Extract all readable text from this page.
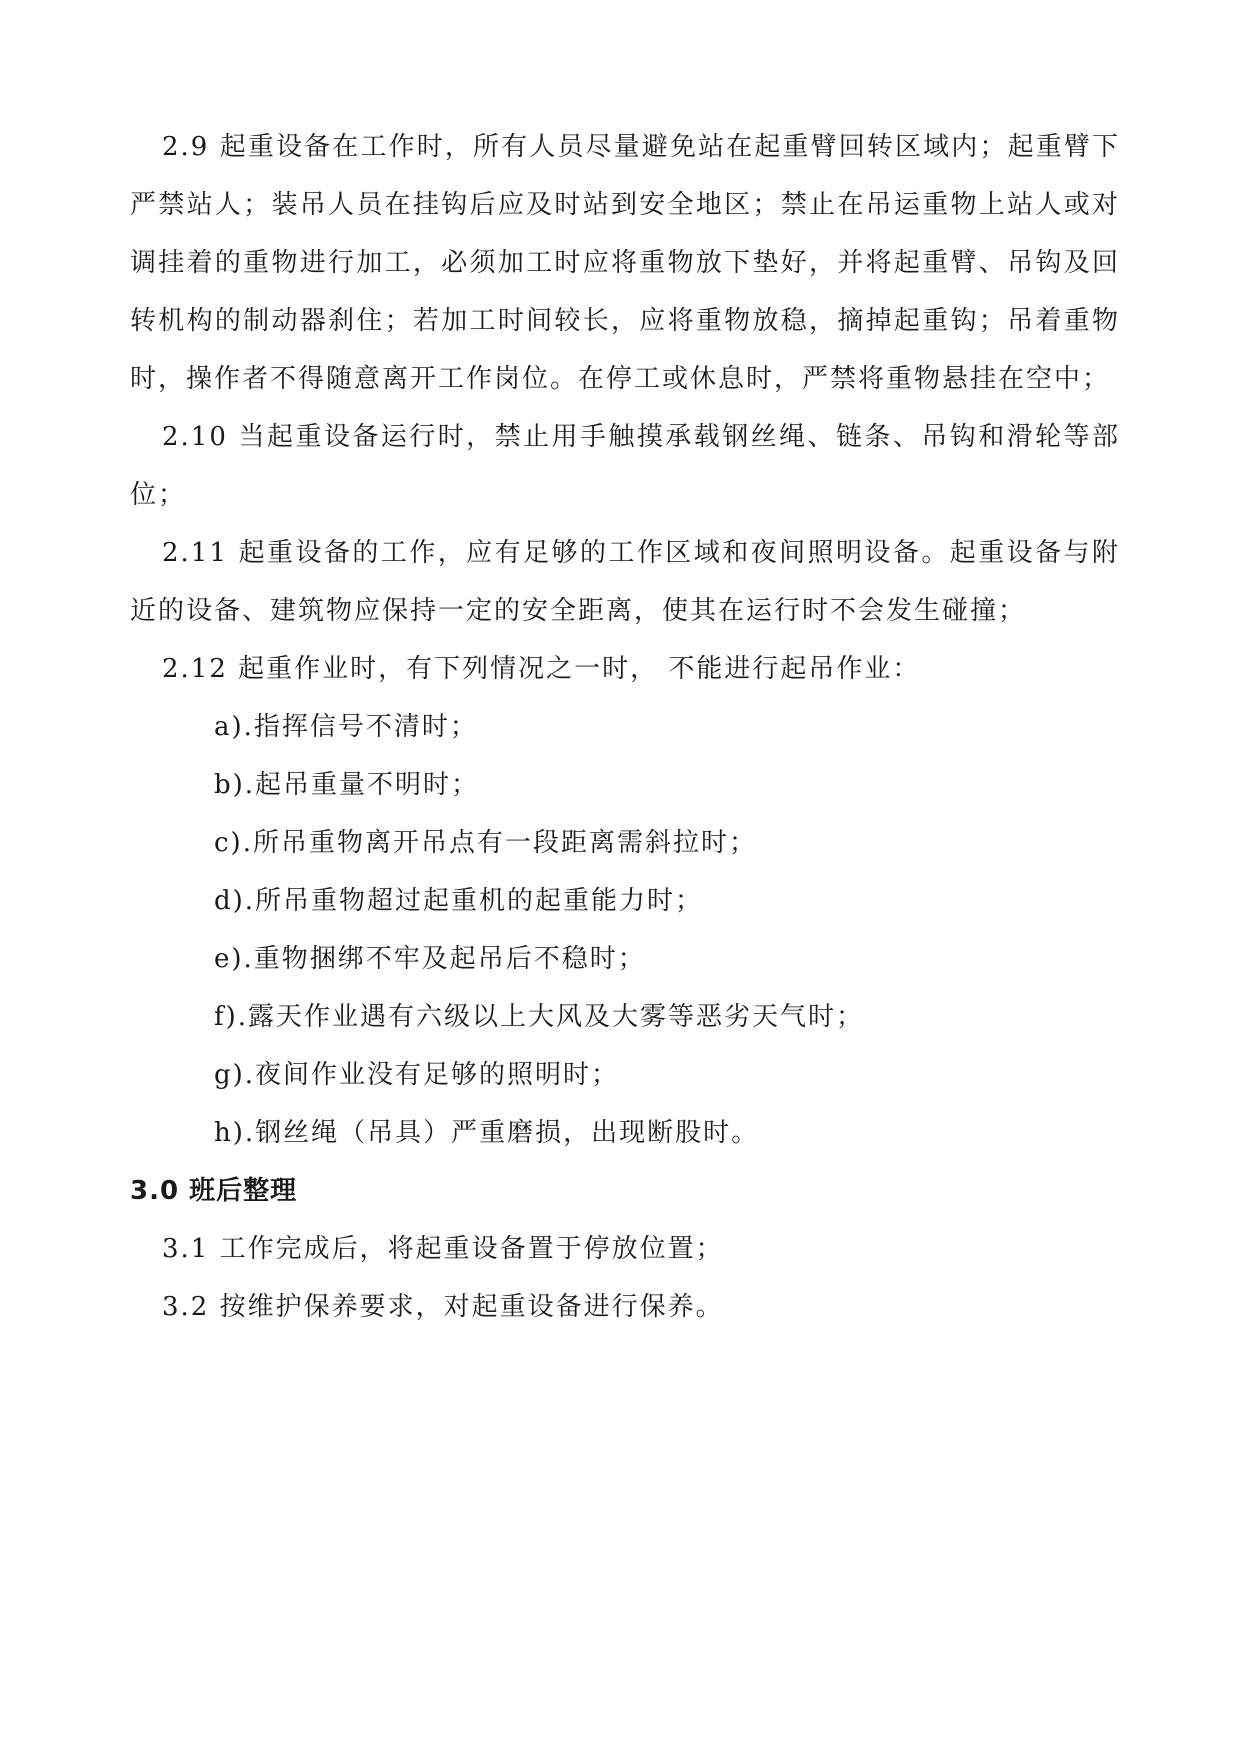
2.9 起重设备在工作时，所有人员尽量避免站在起重臂回转区域内；起重臂下严禁站人；装吊人员在挂钩后应及时站到安全地区；禁止在吊运重物上站人或对调挂着的重物进行加工，必须加工时应将重物放下垫好，并将起重臂、吊钩及回转机构的制动器刹住；若加工时间较长，应将重物放稳，摘掉起重钩；吊着重物时，操作者不得随意离开工作岗位。在停工或休息时，严禁将重物悬挂在空中；

2.10 当起重设备运行时，禁止用手触摸承载钢丝绳、链条、吊钩和滑轮等部位；

2.11 起重设备的工作，应有足够的工作区域和夜间照明设备。起重设备与附近的设备、建筑物应保持一定的安全距离，使其在运行时不会发生碰撞；

2.12 起重作业时，有下列情况之一时， 不能进行起吊作业：

a).指挥信号不清时；

b).起吊重量不明时；

c).所吊重物离开吊点有一段距离需斜拉时；

d).所吊重物超过起重机的起重能力时；

e).重物捆绑不牢及起吊后不稳时；

f).露天作业遇有六级以上大风及大雾等恶劣天气时；

g).夜间作业没有足够的照明时；

h).钢丝绳（吊具）严重磨损，出现断股时。

3.0 班后整理

3.1 工作完成后，将起重设备置于停放位置；

3.2 按维护保养要求，对起重设备进行保养。
